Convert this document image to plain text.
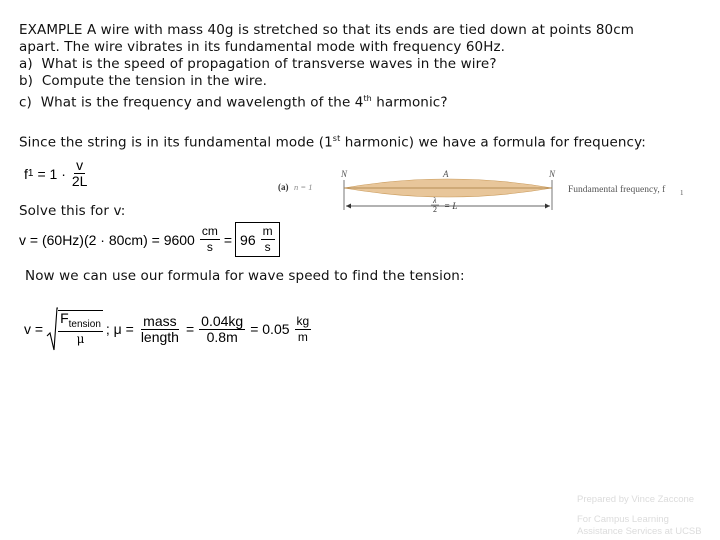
EXAMPLE A wire with mass 40g is stretched so that its ends are tied down at points 80cm
apart. The wire vibrates in its fundamental mode with frequency 60Hz.
a) What is the speed of propagation of transverse waves in the wire?
b) Compute the tension in the wire.
c) What is the frequency and wavelength of the 4th harmonic?
Since the string is in its fundamental mode (1st harmonic) we have a formula for frequency:
f $1 = 1 \cdot \frac{v}{2L}$	(a) n = 1
N	A	N
λ
2 = L
Fundamental frequency, f 1
Solve this for v:
$v = (60Hz)(2 \cdot 80cm) = 9600 \frac{cm}{s} = 96 \frac{m}{s}$
Now we can use our formula for wave speed to find the tension:
$v = \frac{F_{tension}}{\mu}$ ; $\mu = \frac{\text{mass}}{\text{length}} = \frac{0.04kg}{0.8m} = 0.05 \frac{kg}{m}$
Prepared by Vince Zaccone
For Campus Learning
Assistance Services at UCSB
